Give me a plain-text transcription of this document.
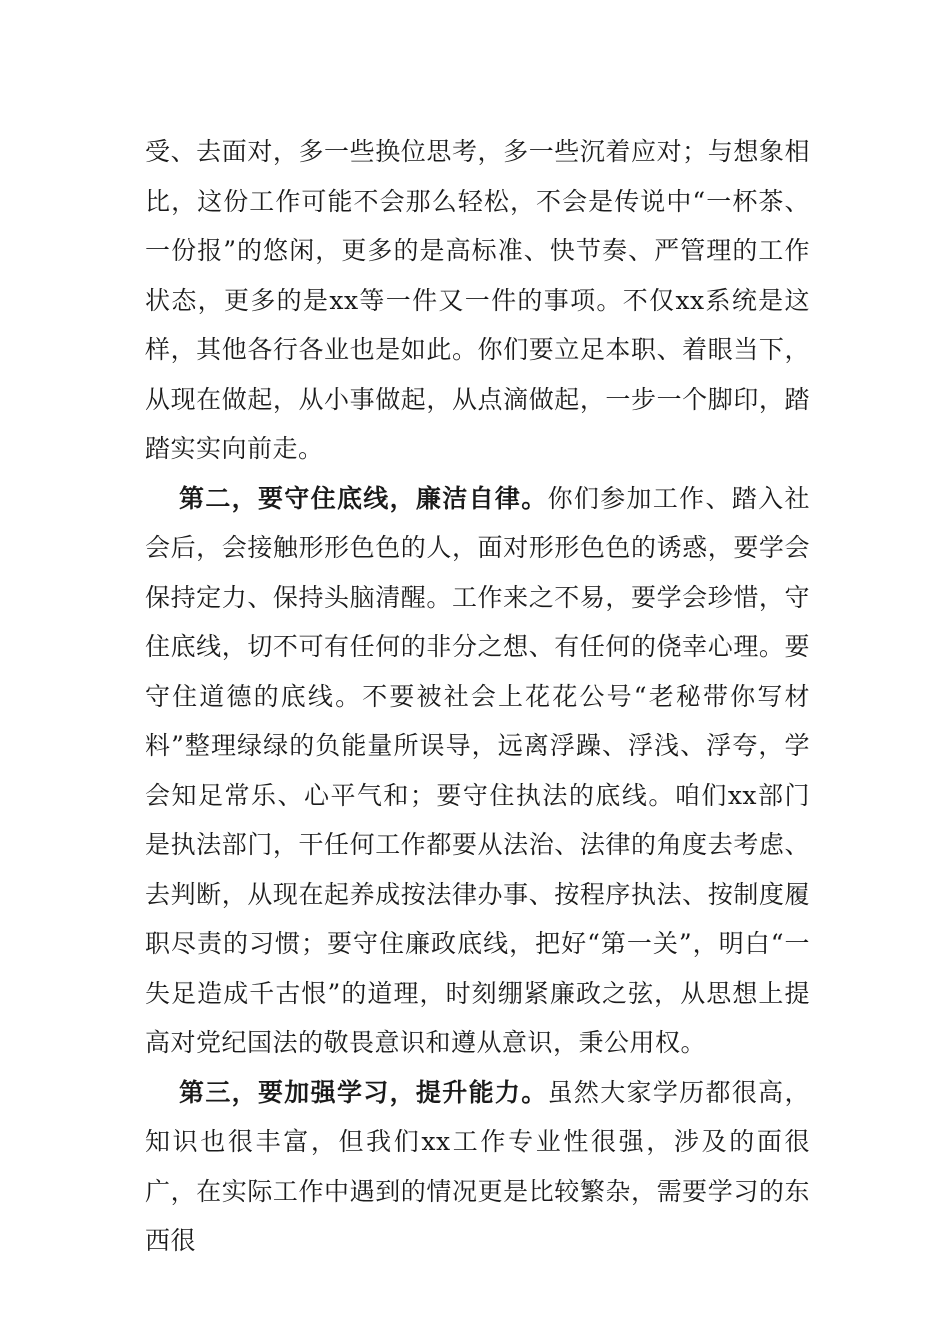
受、去面对，多一些换位思考，多一些沉着应对；与想象相比，这份工作可能不会那么轻松，不会是传说中“一杯茶、一份报”的悠闲，更多的是高标准、快节奏、严管理的工作状态，更多的是xx等一件又一件的事项。不仅xx系统是这样，其他各行各业也是如此。你们要立足本职、着眼当下，从现在做起，从小事做起，从点滴做起，一步一个脚印，踏踏实实向前走。

第二，要守住底线，廉洁自律。你们参加工作、踏入社会后，会接触形形色色的人，面对形形色色的诱惑，要学会保持定力、保持头脑清醒。工作来之不易，要学会珍惜，守住底线，切不可有任何的非分之想、有任何的侥幸心理。要守住道德的底线。不要被社会上花花公号“老秘带你写材料”整理绿绿的负能量所误导，远离浮躁、浮浅、浮夸，学会知足常乐、心平气和；要守住执法的底线。咱们xx部门是执法部门，干任何工作都要从法治、法律的角度去考虑、去判断，从现在起养成按法律办事、按程序执法、按制度履职尽责的习惯；要守住廉政底线，把好“第一关”，明白“一失足造成千古恨”的道理，时刻绷紧廉政之弦，从思想上提高对党纪国法的敬畏意识和遵从意识，秉公用权。

第三，要加强学习，提升能力。虽然大家学历都很高，知识也很丰富，但我们xx工作专业性很强，涉及的面很广，在实际工作中遇到的情况更是比较繁杂，需要学习的东西很
